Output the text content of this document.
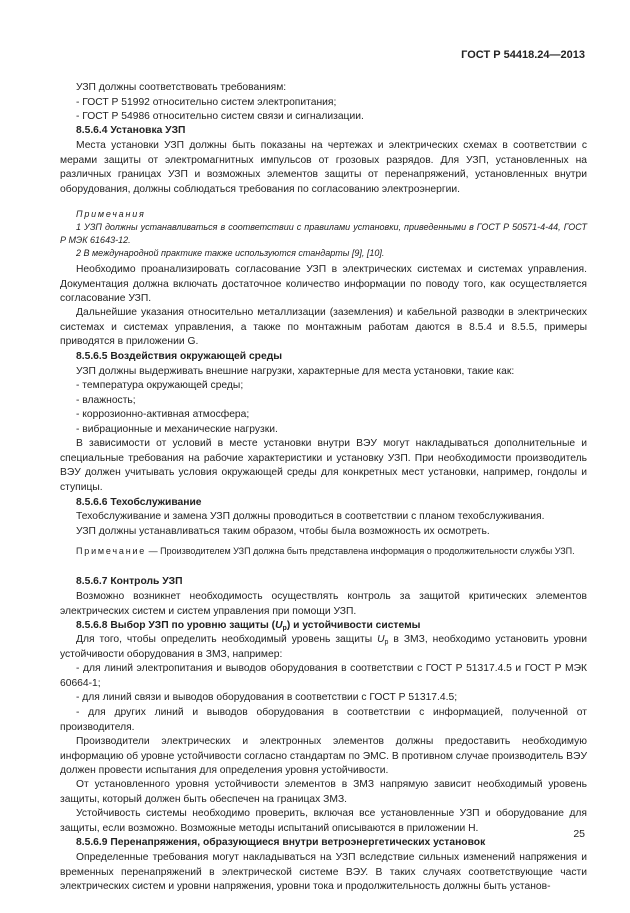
ГОСТ Р 54418.24—2013

УЗП должны соответствовать требованиям:

- ГОСТ Р 51992 относительно систем электропитания;

- ГОСТ Р 54986 относительно систем связи и сигнализации.

8.5.6.4 Установка УЗП

Места установки УЗП должны быть показаны на чертежах и электрических схемах в соответствии с мерами защиты от электромагнитных импульсов от грозовых разрядов. Для УЗП, установленных на различных границах УЗП и возможных элементов защиты от перенапряжений, установленных внутри оборудования, должны соблюдаться требования по согласованию электроэнергии.

Примечания

1 УЗП должны устанавливаться в соответствии с правилами установки, приведенными в ГОСТ Р 50571-4-44, ГОСТ Р МЭК 61643-12.

2 В международной практике также используются стандарты [9], [10].

Необходимо проанализировать согласование УЗП в электрических системах и системах управления. Документация должна включать достаточное количество информации по поводу того, как осуществляется согласование УЗП.

Дальнейшие указания относительно металлизации (заземления) и кабельной разводки в электрических системах и системах управления, а также по монтажным работам даются в 8.5.4 и 8.5.5, примеры приводятся в приложении G.

8.5.6.5 Воздействия окружающей среды

УЗП должны выдерживать внешние нагрузки, характерные для места установки, такие как:

- температура окружающей среды;

- влажность;

- коррозионно-активная атмосфера;

- вибрационные и механические нагрузки.

В зависимости от условий в месте установки внутри ВЭУ могут накладываться дополнительные и специальные требования на рабочие характеристики и установку УЗП. При необходимости производитель ВЭУ должен учитывать условия окружающей среды для конкретных мест установки, например, гондолы и ступицы.

8.5.6.6 Техобслуживание

Техобслуживание и замена УЗП должны проводиться в соответствии с планом техобслуживания.

УЗП должны устанавливаться таким образом, чтобы была возможность их осмотреть.

Примечание — Производителем УЗП должна быть представлена информация о продолжительности службы УЗП.

8.5.6.7 Контроль УЗП

Возможно возникнет необходимость осуществлять контроль за защитой критических элементов электрических систем и систем управления при помощи УЗП.

8.5.6.8 Выбор УЗП по уровню защиты $(U_p)$ и устойчивости системы

Для того, чтобы определить необходимый уровень защиты $U_p$ в ЗМЗ, необходимо установить уровни устойчивости оборудования в ЗМЗ, например:

- для линий электропитания и выводов оборудования в соответствии с ГОСТ Р 51317.4.5 и ГОСТ Р МЭК 60664-1;

- для линий связи и выводов оборудования в соответствии с ГОСТ Р 51317.4.5;

- для других линий и выводов оборудования в соответствии с информацией, полученной от производителя.

Производители электрических и электронных элементов должны предоставить необходимую информацию об уровне устойчивости согласно стандартам по ЭМС. В противном случае производитель ВЭУ должен провести испытания для определения уровня устойчивости.

От установленного уровня устойчивости элементов в ЗМЗ напрямую зависит необходимый уровень защиты, который должен быть обеспечен на границах ЗМЗ.

Устойчивость системы необходимо проверить, включая все установленные УЗП и оборудование для защиты, если возможно. Возможные методы испытаний описываются в приложении H.

8.5.6.9 Перенапряжения, образующиеся внутри ветроэнергетических установок

Определенные требования могут накладываться на УЗП вследствие сильных изменений напряжения и временных перенапряжений в электрической системе ВЭУ. В таких случаях соответствующие части электрических систем и уровни напряжения, уровни тока и продолжительность должны быть установ-

25
